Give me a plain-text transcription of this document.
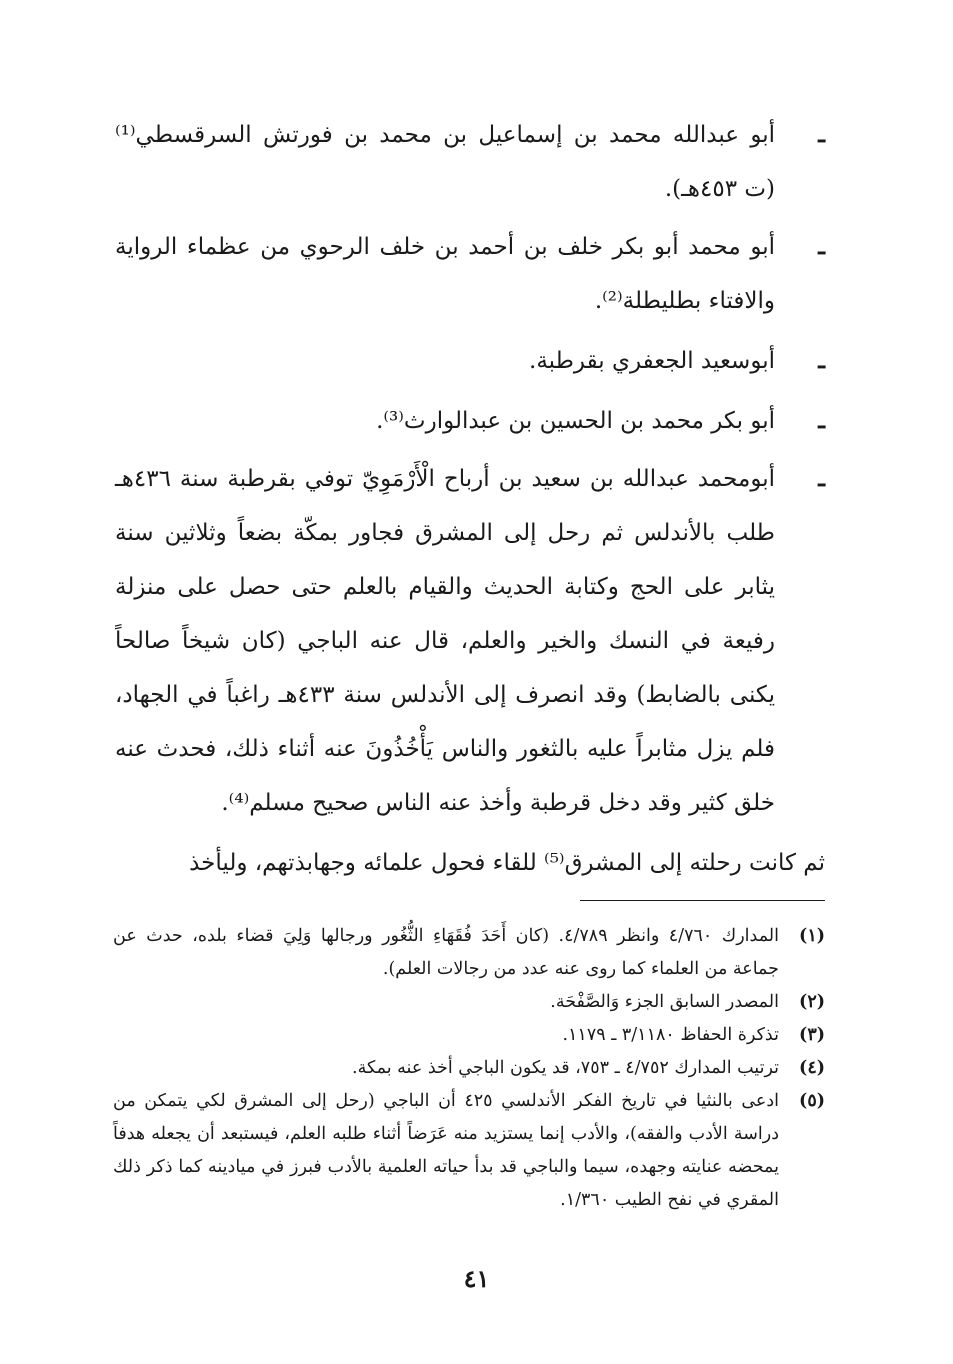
ـ
أبو عبدالله محمد بن إسماعيل بن محمد بن فورتش السرقسطي⁽¹⁾ (ت ٤٥٣هـ).
ـ
أبو محمد أبو بكر خلف بن أحمد بن خلف الرحوي من عظماء الرواية والافتاء بطليطلة⁽²⁾.
ـ
أبوسعيد الجعفري بقرطبة.
ـ
أبو بكر محمد بن الحسين بن عبدالوارث⁽³⁾.
ـ
أبومحمد عبدالله بن سعيد بن أرباح الْأَرْمَوِيّ توفي بقرطبة سنة ٤٣٦هـ طلب بالأندلس ثم رحل إلى المشرق فجاور بمكّة بضعاً وثلاثين سنة يثابر على الحج وكتابة الحديث والقيام بالعلم حتى حصل على منزلة رفيعة في النسك والخير والعلم، قال عنه الباجي (كان شيخاً صالحاً يكنى بالضابط) وقد انصرف إلى الأندلس سنة ٤٣٣هـ راغباً في الجهاد، فلم يزل مثابراً عليه بالثغور والناس يَأْخُذُونَ عنه أثناء ذلك، فحدث عنه خلق كثير وقد دخل قرطبة وأخذ عنه الناس صحيح مسلم⁽⁴⁾.
ثم كانت رحلته إلى المشرق⁽⁵⁾ للقاء فحول علمائه وجهابذتهم، وليأخذ
(١)
المدارك ٤/٧٦٠ وانظر ٤/٧٨٩. (كان أَحَدَ فُقَهَاءِ الثُّغُور ورجالها وَلِيَ قضاء بلده، حدث عن جماعة من العلماء كما روى عنه عدد من رجالات العلم).
(٢)
المصدر السابق الجزء وَالصَّفْحَة.
(٣)
تذكرة الحفاظ ٣/١١٨٠ ـ ١١٧٩.
(٤)
ترتيب المدارك ٤/٧٥٢ ـ ٧٥٣، قد يكون الباجي أخذ عنه بمكة.
(٥)
ادعى بالنثيا في تاريخ الفكر الأندلسي ٤٢٥ أن الباجي (رحل إلى المشرق لكي يتمكن من دراسة الأدب والفقه)، والأدب إنما يستزيد منه عَرَضاً أثناء طلبه العلم، فيستبعد أن يجعله هدفاً يمحضه عنايته وجهده، سيما والباجي قد بدأ حياته العلمية بالأدب فبرز في ميادينه كما ذكر ذلك المقري في نفح الطيب ١/٣٦٠.
٤١
